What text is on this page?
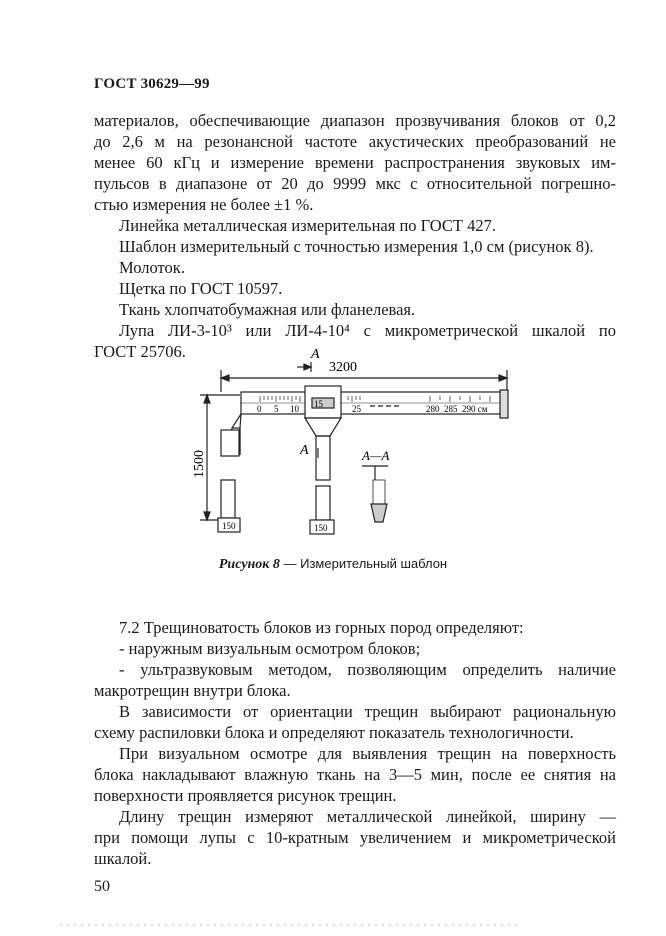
ГОСТ 30629—99
материалов, обеспечивающие диапазон прозвучивания блоков от 0,2
до 2,6 м на резонансной частоте акустических преобразований не
менее 60 кГц и измерение времени распространения звуковых им-
пульсов в диапазоне от 20 до 9999 мкс с относительной погрешно-
стью измерения не более ±1 %.
Линейка металлическая измерительная по ГОСТ 427.
Шаблон измерительный с точностью измерения 1,0 см (рисунок 8).
Молоток.
Щетка по ГОСТ 10597.
Ткань хлопчатобумажная или фланелевая.
Лупа ЛИ-3-10³ или ЛИ-4-10⁴ с микрометрической шкалой по
ГОСТ 25706.
3200
А
А	А—А
1500
0 5 10 15	25	280 285 290 см
150	150
Рисунок 8 — Измерительный шаблон
7.2 Трещиноватость блоков из горных пород определяют:
- наружным визуальным осмотром блоков;
- ультразвуковым методом, позволяющим определить наличие
макротрещин внутри блока.
В зависимости от ориентации трещин выбирают рациональную
схему распиловки блока и определяют показатель технологичности.
При визуальном осмотре для выявления трещин на поверхность
блока накладывают влажную ткань на 3—5 мин, после ее снятия на
поверхности проявляется рисунок трещин.
Длину трещин измеряют металлической линейкой, ширину —
при помощи лупы с 10-кратным увеличением и микрометрической
шкалой.
50
